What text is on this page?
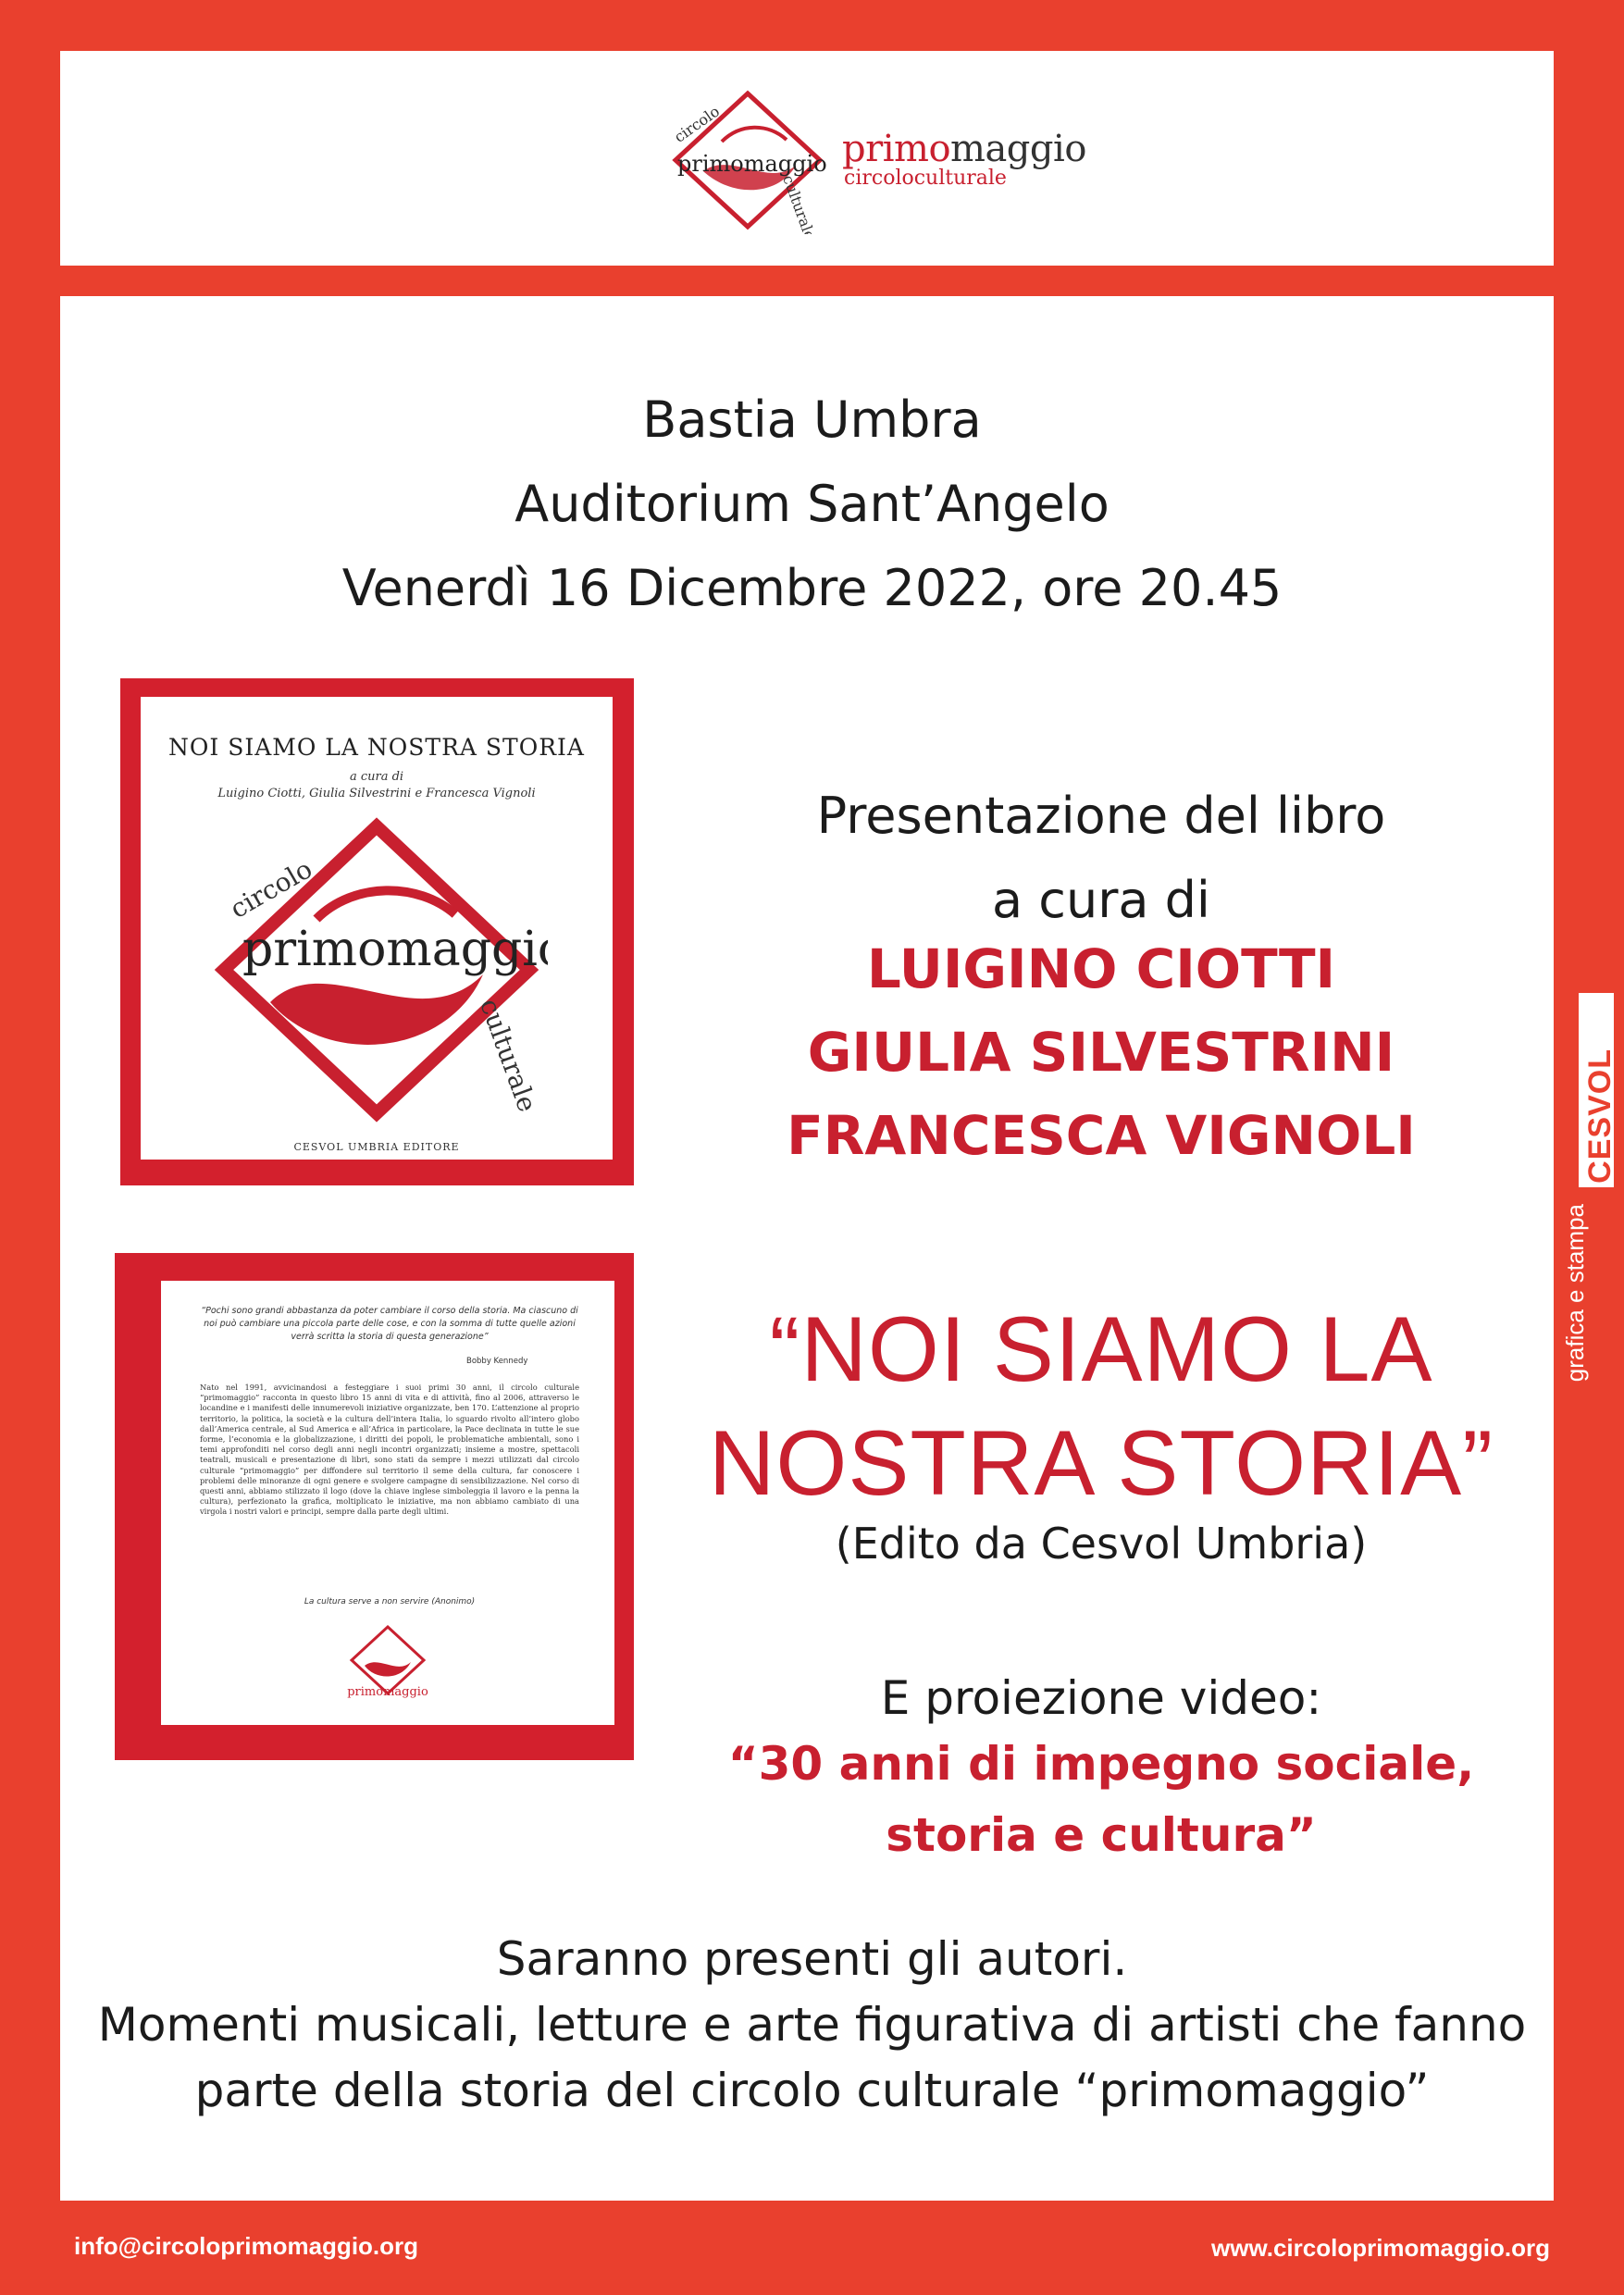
circolo
primomaggio
culturale
primomaggio
circoloculturale
Bastia Umbra
Auditorium Sant’Angelo
Venerdì 16 Dicembre 2022, ore 20.45
Noi siamo la nostra storia
NOI SIAMO LA NOSTRA STORIA
a cura di
Luigino Ciotti, Giulia Silvestrini e Francesca Vignoli
primomaggio
circolo
culturale
CESVOL UMBRIA EDITORE
“Pochi sono grandi abbastanza da poter cambiare il corso della storia. Ma ciascuno di noi può cambiare una piccola parte delle cose, e con la somma di tutte quelle azioni verrà scritta la storia di questa generazione”
Bobby Kennedy
Nato nel 1991, avvicinandosi a festeggiare i suoi primi 30 anni, il circolo culturale “primomaggio” racconta in questo libro 15 anni di vita e di attività, fino al 2006, attraverso le locandine e i manifesti delle innumerevoli iniziative organizzate, ben 170. L’attenzione al proprio territorio, la politica, la società e la cultura dell’intera Italia, lo sguardo rivolto all’intero globo dall’America centrale, al Sud America e all’Africa in particolare, la Pace declinata in tutte le sue forme, l’economia e la globalizzazione, i diritti dei popoli, le problematiche ambientali, sono i temi approfonditi nel corso degli anni negli incontri organizzati; insieme a mostre, spettacoli teatrali, musicali e presentazione di libri, sono stati da sempre i mezzi utilizzati dal circolo culturale “primomaggio” per diffondere sul territorio il seme della cultura, far conoscere i problemi delle minoranze di ogni genere e svolgere campagne di sensibilizzazione. Nel corso di questi anni, abbiamo stilizzato il logo (dove la chiave inglese simboleggia il lavoro e la penna la cultura), perfezionato la grafica, moltiplicato le iniziative, ma non abbiamo cambiato di una virgola i nostri valori e principi, sempre dalla parte degli ultimi.
La cultura serve a non servire (Anonimo)
primomaggio
Presentazione del libro
a cura di
LUIGINO CIOTTI
GIULIA SILVESTRINI
FRANCESCA VIGNOLI
“NOI SIAMO LA
NOSTRA STORIA”
(Edito da Cesvol Umbria)
E proiezione video:
“30 anni di impegno sociale,
storia e cultura”
Saranno presenti gli autori.
Momenti musicali, letture e arte figurativa di artisti che fanno
parte della storia del circolo culturale “primomaggio”
grafica e stampa
CESVOL
info@circoloprimomaggio.org	www.circoloprimomaggio.org
